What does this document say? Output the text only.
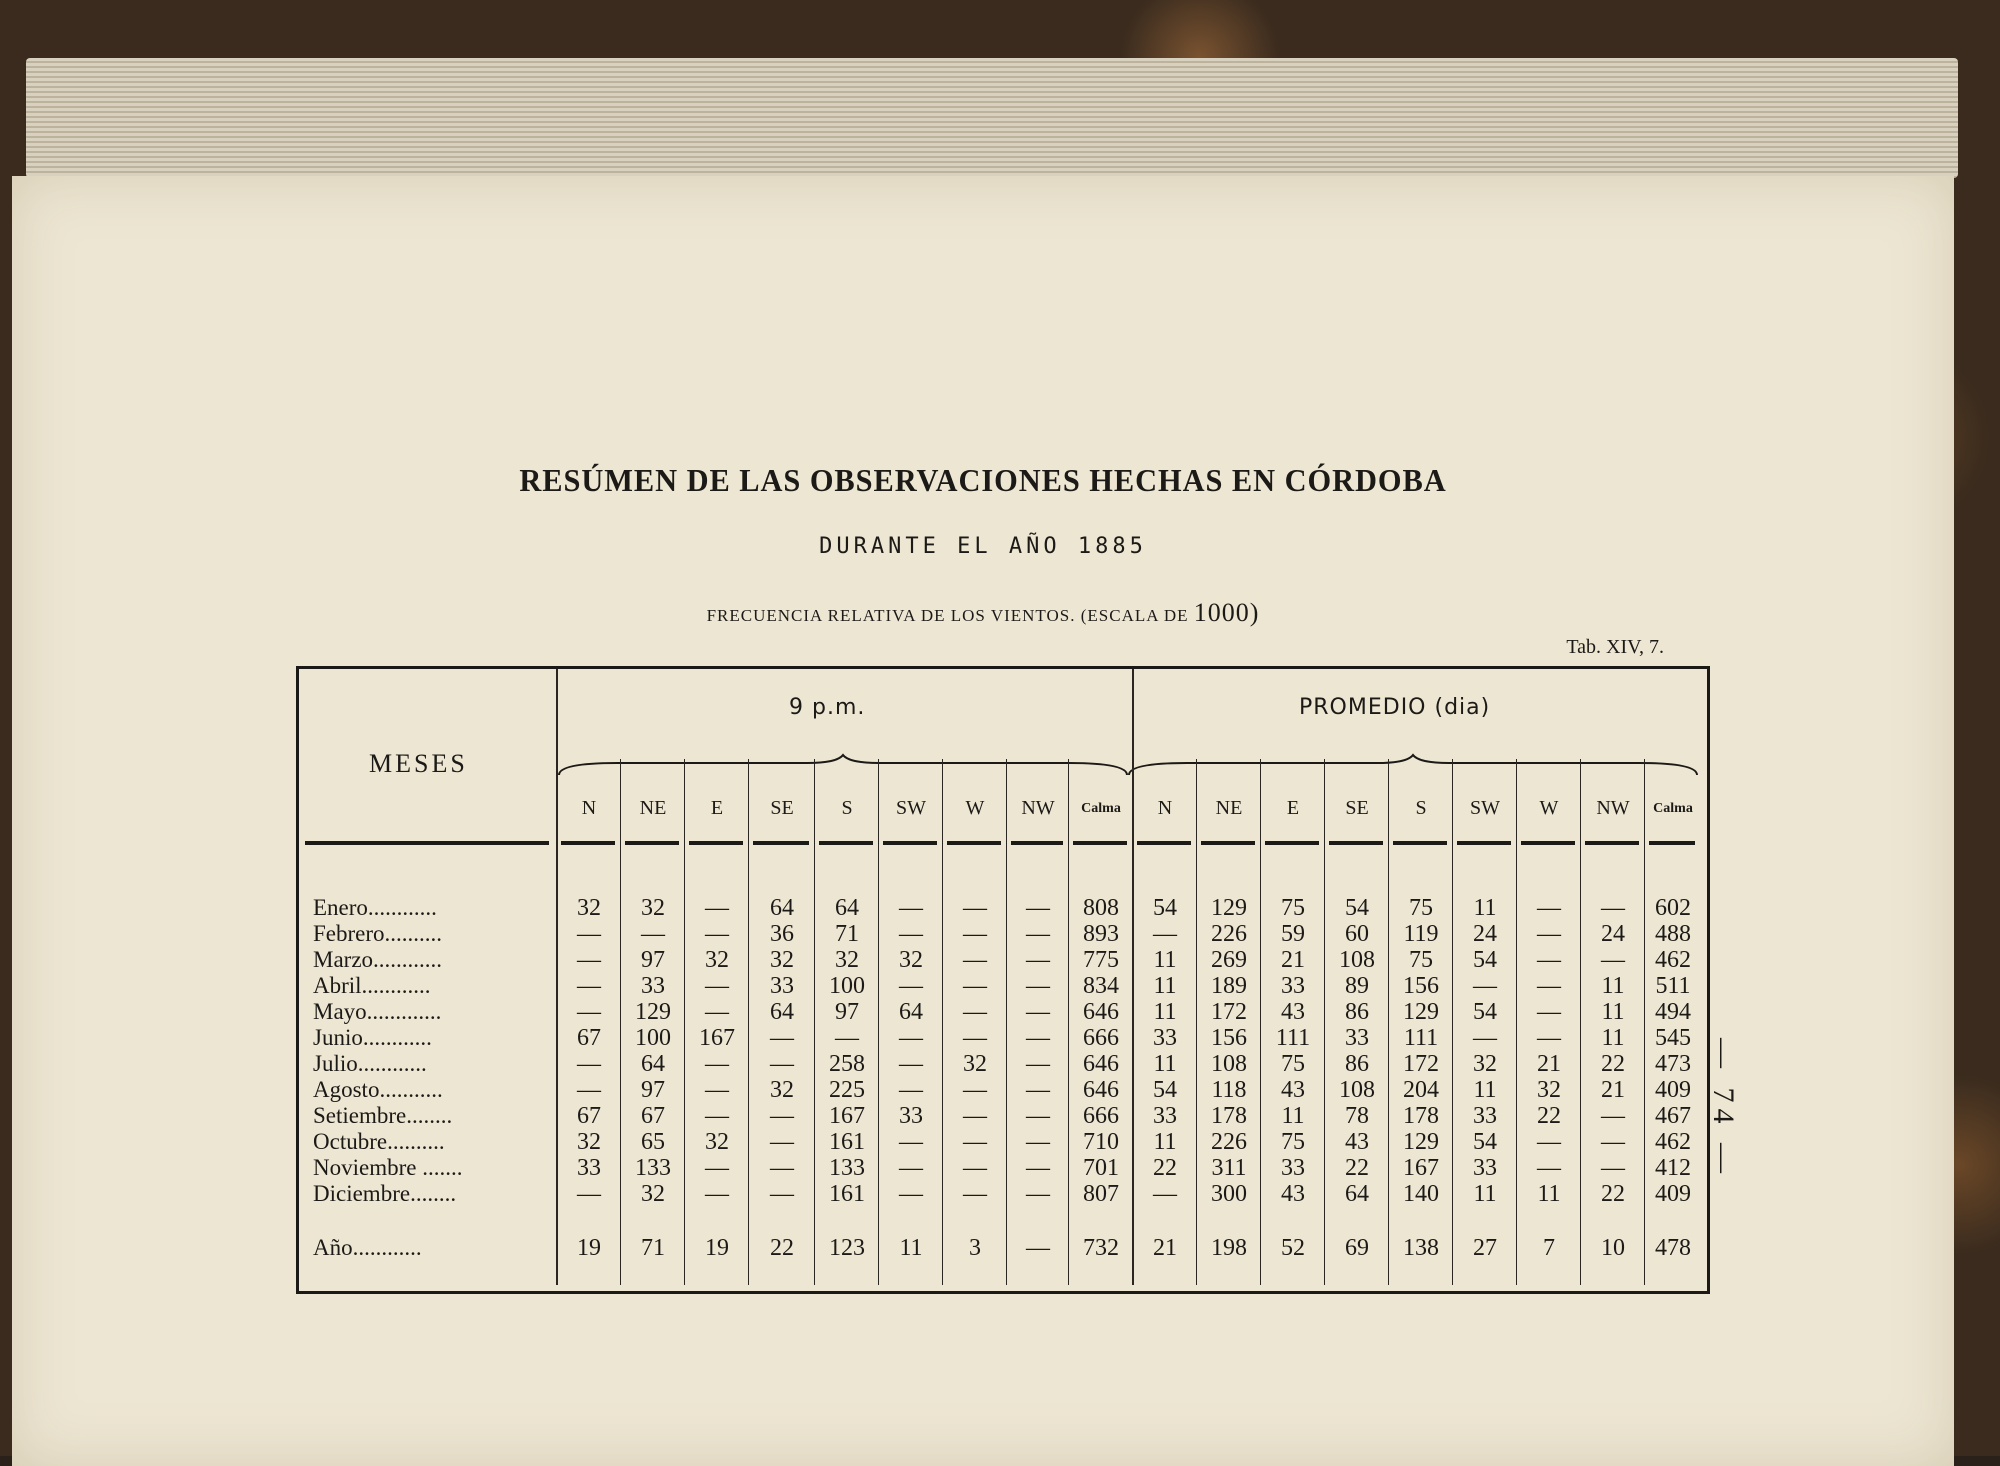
RESÚMEN DE LAS OBSERVACIONES HECHAS EN CÓRDOBA
DURANTE EL AÑO 1885
FRECUENCIA RELATIVA DE LOS VIENTOS. (ESCALA DE 1000)
Tab. XIV, 7.
MESES
9 p.m.	PROMEDIO (dia)
N	NE	E	SE	S	SW	W	NW	Calma	N	NE	E	SE	S	SW	W	NW	Calma
Enero............	32	32	—	64	64	—	—	—	808	54	129	75	54	75	11	—	—	602
Febrero..........	—	—	—	36	71	—	—	—	893	—	226	59	60	119	24	—	24	488
Marzo............	—	97	32	32	32	32	—	—	775	11	269	21	108	75	54	—	—	462
Abril............	—	33	—	33	100	—	—	—	834	11	189	33	89	156	—	—	11	511
Mayo.............	—	129	—	64	97	64	—	—	646	11	172	43	86	129	54	—	11	494
Junio............	67	100	167	—	—	—	—	—	666	33	156	111	33	111	—	—	11	545
Julio............	—	64	—	—	258	—	32	—	646	11	108	75	86	172	32	21	22	473
Agosto...........	—	97	—	32	225	—	—	—	646	54	118	43	108	204	11	32	21	409
Setiembre........	67	67	—	—	167	33	—	—	666	33	178	11	78	178	33	22	—	467
Octubre..........	32	65	32	—	161	—	—	—	710	11	226	75	43	129	54	—	—	462
Noviembre .......	33	133	—	—	133	—	—	—	701	22	311	33	22	167	33	—	—	412
Diciembre........	—	32	—	—	161	—	—	—	807	—	300	43	64	140	11	11	22	409
Año............	19	71	19	22	123	11	3	—	732	21	198	52	69	138	27	7	10	478
— 74 —
